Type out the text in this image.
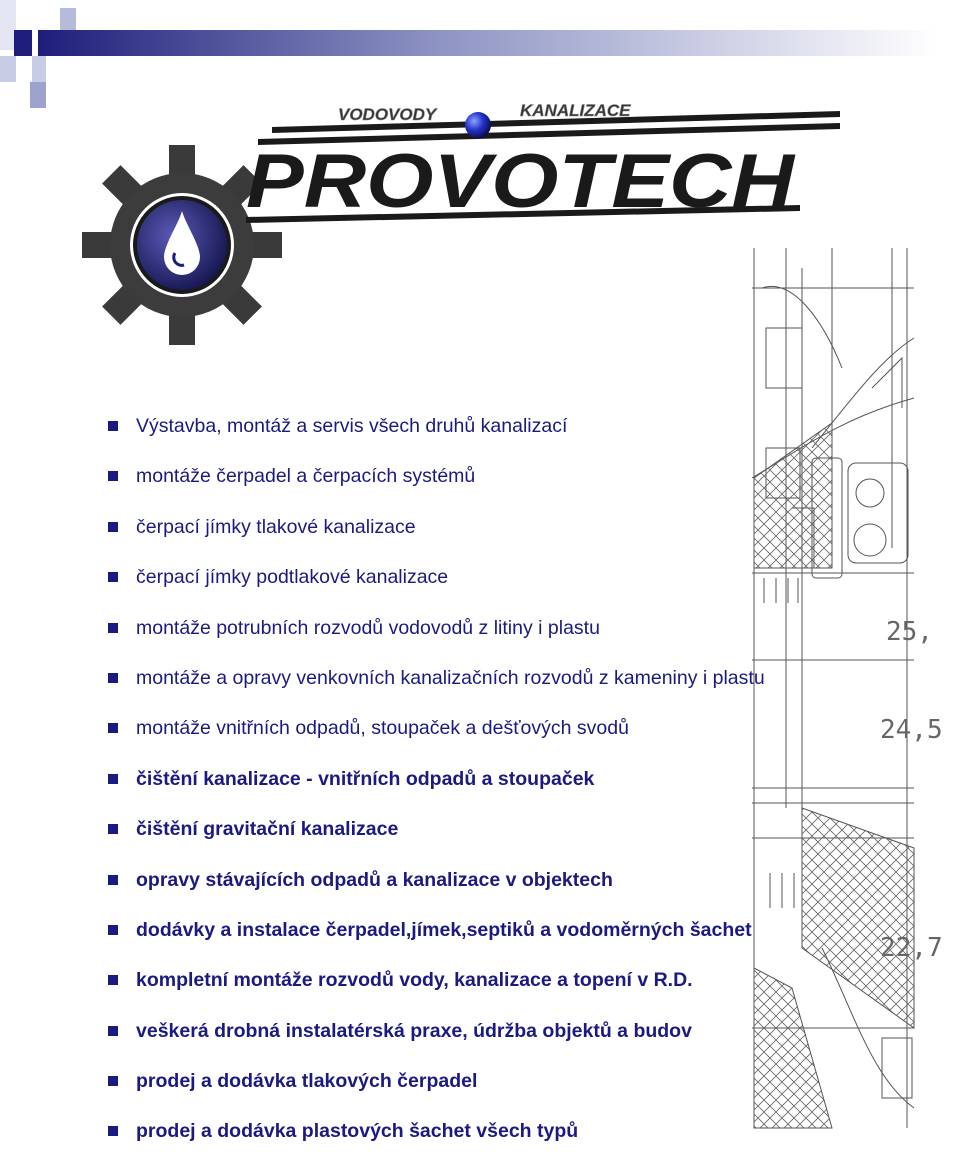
VODOVODY	KANALIZACE
PROVOTECH
25,
24,5
22,7
Výstavba, montáž a servis všech druhů kanalizací
montáže čerpadel a čerpacích systémů
čerpací jímky tlakové kanalizace
čerpací jímky podtlakové kanalizace
montáže potrubních rozvodů vodovodů z litiny i plastu
montáže a opravy venkovních kanalizačních rozvodů z kameniny i plastu
montáže vnitřních odpadů, stoupaček a dešťových svodů
čištění kanalizace - vnitřních odpadů a stoupaček
čištění gravitační kanalizace
opravy stávajících odpadů a kanalizace v objektech
dodávky a instalace čerpadel,jímek,septiků a vodoměrných šachet
kompletní montáže rozvodů vody, kanalizace a topení v R.D.
veškerá drobná instalatérská praxe, údržba objektů a budov
prodej a dodávka tlakových čerpadel
prodej a dodávka plastových šachet všech typů
